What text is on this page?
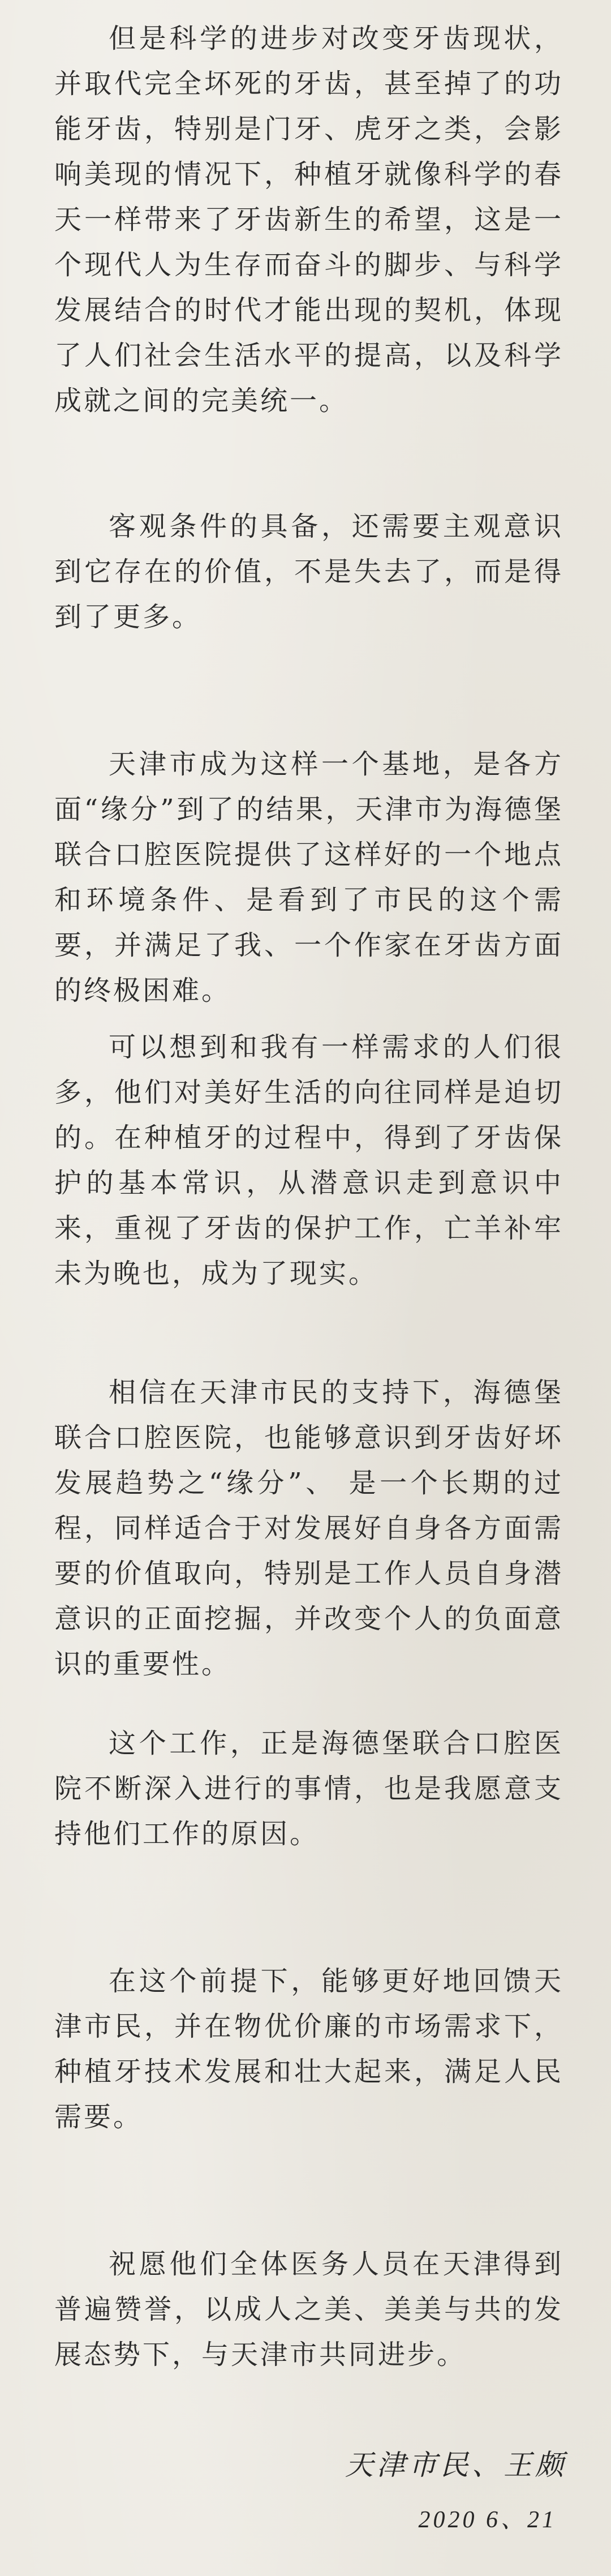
但是科学的进步对改变牙齿现状，并取代完全坏死的牙齿，甚至掉了的功能牙齿，特别是门牙、虎牙之类，会影响美现的情况下，种植牙就像科学的春天一样带来了牙齿新生的希望，这是一个现代人为生存而奋斗的脚步、与科学发展结合的时代才能出现的契机，体现了人们社会生活水平的提高，以及科学成就之间的完美统一。

客观条件的具备，还需要主观意识到它存在的价值，不是失去了，而是得到了更多。

天津市成为这样一个基地，是各方面“缘分”到了的结果，天津市为海德堡联合口腔医院提供了这样好的一个地点和环境条件、是看到了市民的这个需要，并满足了我、一个作家在牙齿方面的终极困难。

可以想到和我有一样需求的人们很多，他们对美好生活的向往同样是迫切的。在种植牙的过程中，得到了牙齿保护的基本常识，从潜意识走到意识中来，重视了牙齿的保护工作，亡羊补牢未为晚也，成为了现实。

相信在天津市民的支持下，海德堡联合口腔医院，也能够意识到牙齿好坏发展趋势之“缘分”、 是一个长期的过程，同样适合于对发展好自身各方面需要的价值取向，特别是工作人员自身潜意识的正面挖掘，并改变个人的负面意识的重要性。

这个工作，正是海德堡联合口腔医院不断深入进行的事情，也是我愿意支持他们工作的原因。

在这个前提下，能够更好地回馈天津市民，并在物优价廉的市场需求下，种植牙技术发展和壮大起来，满足人民需要。

祝愿他们全体医务人员在天津得到普遍赞誉，以成人之美、美美与共的发展态势下，与天津市共同进步。

天津市民、王颇
2020 6、21
